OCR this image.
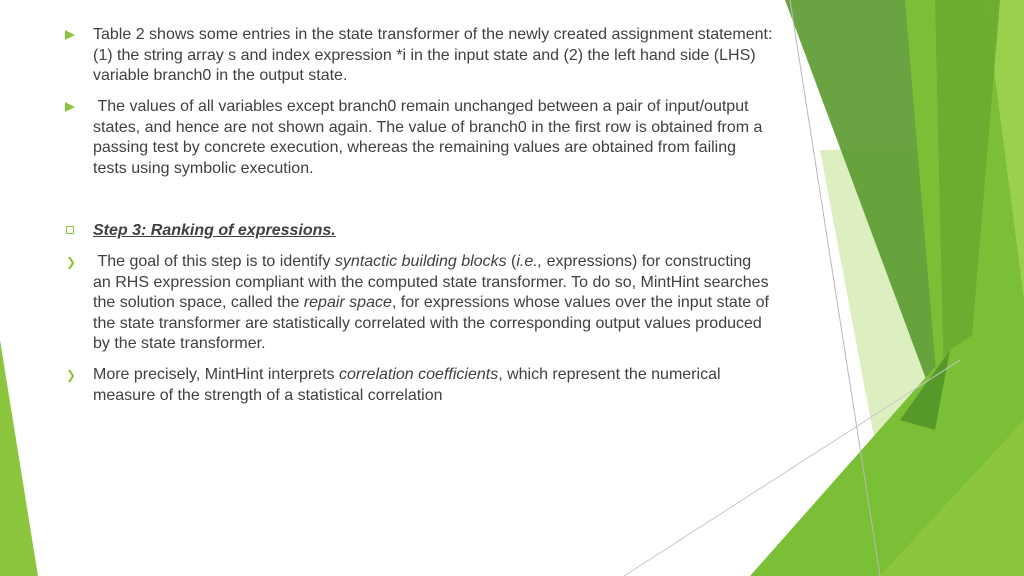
Table 2 shows some entries in the state transformer of the newly created assignment statement: (1) the string array s and index expression *i in the input state and (2) the left hand side (LHS) variable branch0 in the output state.
The values of all variables except branch0 remain unchanged between a pair of input/output states, and hence are not shown again. The value of branch0 in the first row is obtained from a passing test by concrete execution, whereas the remaining values are obtained from failing tests using symbolic execution.
Step 3: Ranking of expressions.
❯ The goal of this step is to identify syntactic building blocks (i.e., expressions) for constructing an RHS expression compliant with the computed state transformer. To do so, MintHint searches the solution space, called the repair space, for expressions whose values over the input state of the state transformer are statistically correlated with the corresponding output values produced by the state transformer.
❯ More precisely, MintHint interprets correlation coefficients, which represent the numerical measure of the strength of a statistical correlation
